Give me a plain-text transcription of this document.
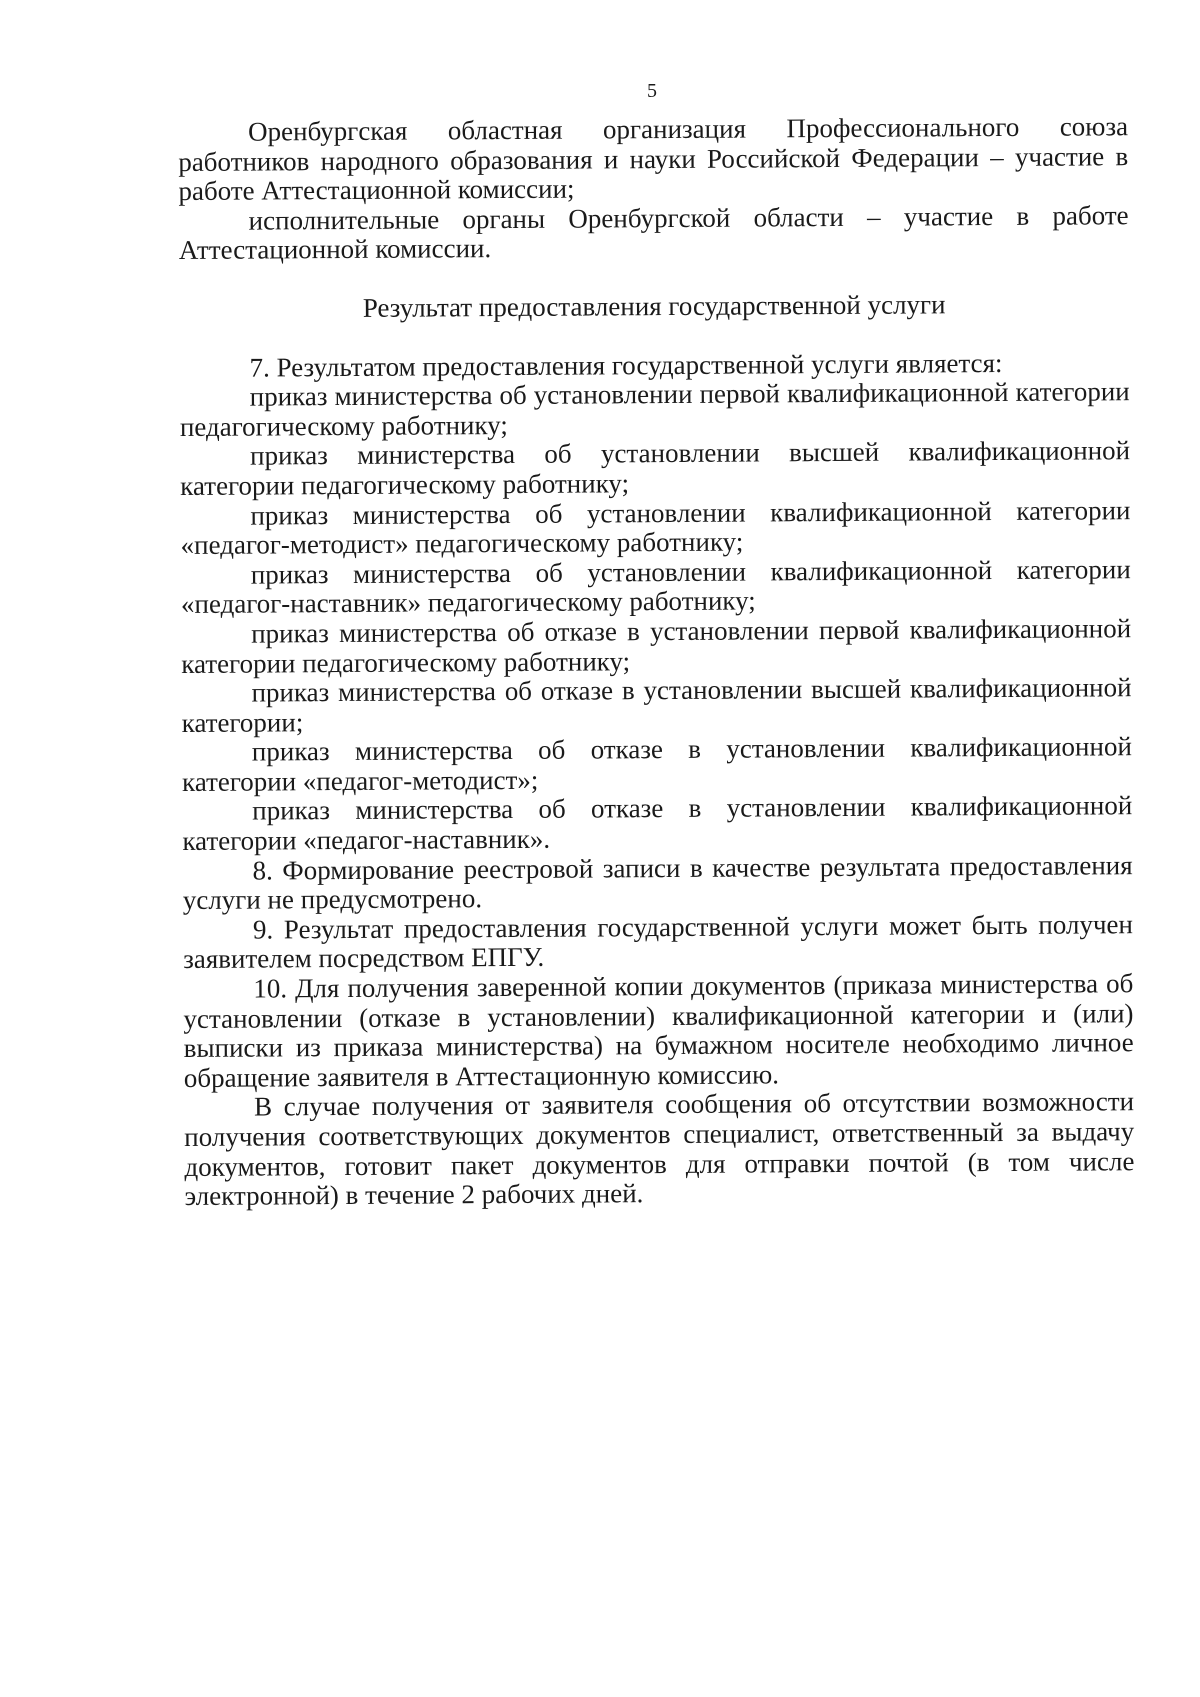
5

Оренбургская областная организация Профессионального союза работников народного образования и науки Российской Федерации – участие в работе Аттестационной комиссии;

исполнительные органы Оренбургской области – участие в работе Аттестационной комиссии.

Результат предоставления государственной услуги

7. Результатом предоставления государственной услуги является:

приказ министерства об установлении первой квалификационной категории педагогическому работнику;

приказ министерства об установлении высшей квалификационной категории педагогическому работнику;

приказ министерства об установлении квалификационной категории «педагог-методист» педагогическому работнику;

приказ министерства об установлении квалификационной категории «педагог-наставник» педагогическому работнику;

приказ министерства об отказе в установлении первой квалификационной категории педагогическому работнику;

приказ министерства об отказе в установлении высшей квалификационной категории;

приказ министерства об отказе в установлении квалификационной категории «педагог-методист»;

приказ министерства об отказе в установлении квалификационной категории «педагог-наставник».

8. Формирование реестровой записи в качестве результата предоставления услуги не предусмотрено.

9. Результат предоставления государственной услуги может быть получен заявителем посредством ЕПГУ.

10. Для получения заверенной копии документов (приказа министерства об установлении (отказе в установлении) квалификационной категории и (или) выписки из приказа министерства) на бумажном носителе необходимо личное обращение заявителя в Аттестационную комиссию.

В случае получения от заявителя сообщения об отсутствии возможности получения соответствующих документов специалист, ответственный за выдачу документов, готовит пакет документов для отправки почтой (в том числе электронной) в течение 2 рабочих дней.
